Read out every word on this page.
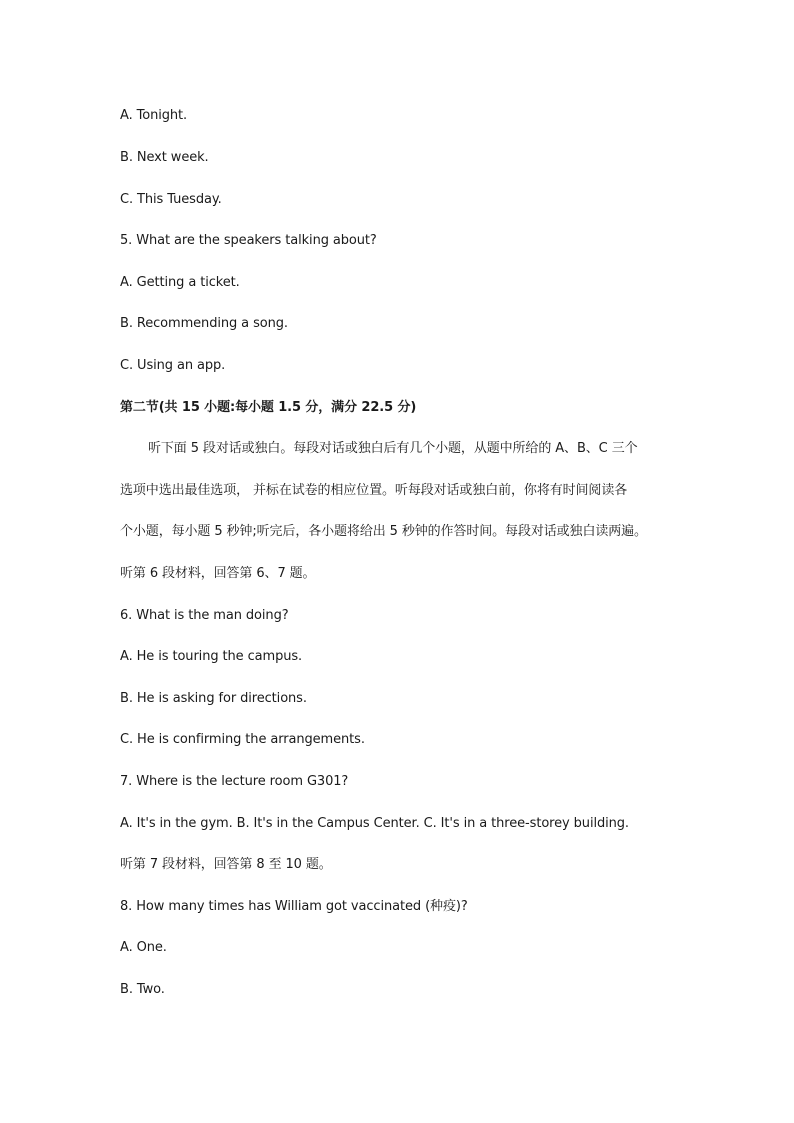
A. Tonight.
B. Next week.
C. This Tuesday.
5. What are the speakers talking about?
A. Getting a ticket.
B. Recommending a song.
C. Using an app.
第二节(共 15 小题:每小题 1.5 分，满分 22.5 分)
听下面 5 段对话或独白。每段对话或独白后有几个小题，从题中所给的 A、B、C 三个
选项中选出最佳选项， 并标在试卷的相应位置。听每段对话或独白前，你将有时间阅读各
个小题，每小题 5 秒钟;听完后，各小题将给出 5 秒钟的作答时间。每段对话或独白读两遍。
听第 6 段材料，回答第 6、7 题。
6. What is the man doing?
A. He is touring the campus.
B. He is asking for directions.
C. He is confirming the arrangements.
7. Where is the lecture room G301?
A. It's in the gym. B. It's in the Campus Center. C. It's in a three-storey building.
听第 7 段材料，回答第 8 至 10 题。
8. How many times has William got vaccinated (种疫)?
A. One.
B. Two.
